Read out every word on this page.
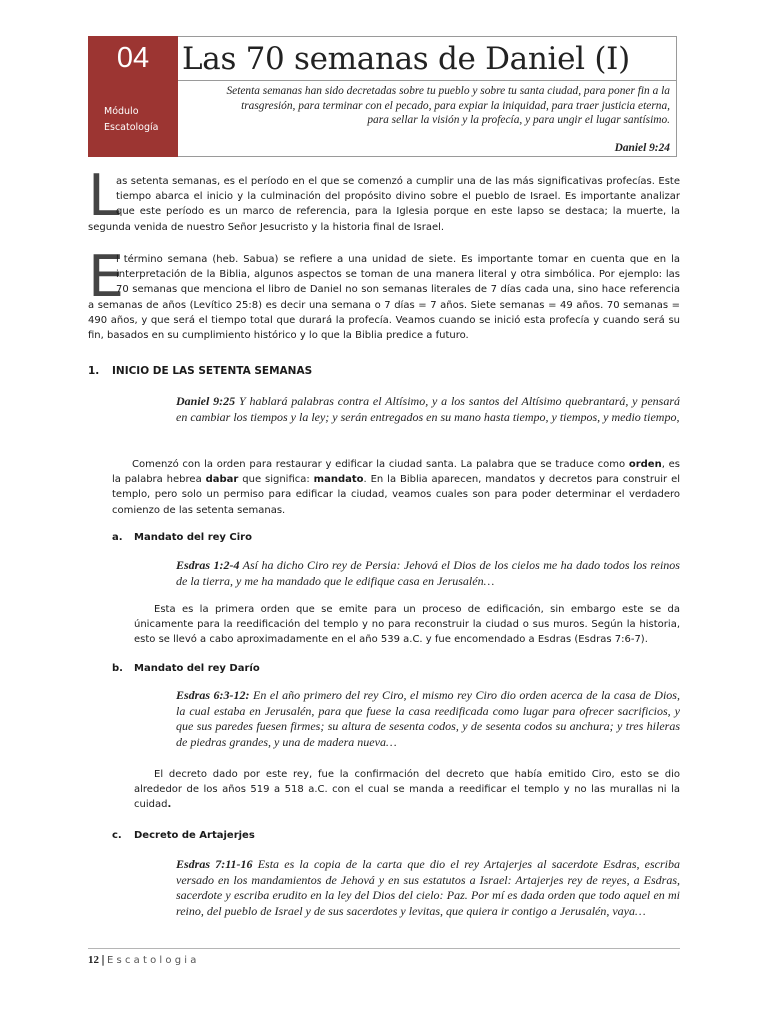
04
Módulo
Escatología
Las 70 semanas de Daniel (I)
Setenta semanas han sido decretadas sobre tu pueblo y sobre tu santa ciudad, para poner fin a la trasgresión, para terminar con el pecado, para expiar la iniquidad, para traer justicia eterna, para sellar la visión y la profecía, y para ungir el lugar santísimo.
Daniel 9:24
L
as setenta semanas, es el período en el que se comenzó a cumplir una de las más significativas profecías. Este tiempo abarca el inicio y la culminación del propósito divino sobre el pueblo de Israel. Es importante analizar que este período es un marco de referencia, para la Iglesia porque en este lapso se destaca; la muerte, la segunda venida de nuestro Señor Jesucristo y la historia final de Israel.
E
l término semana (heb. Sabua) se refiere a una unidad de siete. Es importante tomar en cuenta que en la interpretación de la Biblia, algunos aspectos se toman de una manera literal y otra simbólica. Por ejemplo: las 70 semanas que menciona el libro de Daniel no son semanas literales de 7 días cada una, sino hace referencia a semanas de años (Levítico 25:8) es decir una semana o 7 días = 7 años. Siete semanas = 49 años. 70 semanas = 490 años, y que será el tiempo total que durará la profecía. Veamos cuando se inició esta profecía y cuando será su fin, basados en su cumplimiento histórico y lo que la Biblia predice a futuro.
1. INICIO DE LAS SETENTA SEMANAS
Daniel 9:25 Y hablará palabras contra el Altísimo, y a los santos del Altísimo quebrantará, y pensará en cambiar los tiempos y la ley; y serán entregados en su mano hasta tiempo, y tiempos, y medio tiempo,
Comenzó con la orden para restaurar y edificar la ciudad santa. La palabra que se traduce como orden, es la palabra hebrea dabar que significa: mandato. En la Biblia aparecen, mandatos y decretos para construir el templo, pero solo un permiso para edificar la ciudad, veamos cuales son para poder determinar el verdadero comienzo de las setenta semanas.
a. Mandato del rey Ciro
Esdras 1:2-4 Así ha dicho Ciro rey de Persia: Jehová el Dios de los cielos me ha dado todos los reinos de la tierra, y me ha mandado que le edifique casa en Jerusalén…
Esta es la primera orden que se emite para un proceso de edificación, sin embargo este se da únicamente para la reedificación del templo y no para reconstruir la ciudad o sus muros. Según la historia, esto se llevó a cabo aproximadamente en el año 539 a.C. y fue encomendado a Esdras (Esdras 7:6-7).
b. Mandato del rey Darío
Esdras 6:3-12: En el año primero del rey Ciro, el mismo rey Ciro dio orden acerca de la casa de Dios, la cual estaba en Jerusalén, para que fuese la casa reedificada como lugar para ofrecer sacrificios, y que sus paredes fuesen firmes; su altura de sesenta codos, y de sesenta codos su anchura; y tres hileras de piedras grandes, y una de madera nueva…
El decreto dado por este rey, fue la confirmación del decreto que había emitido Ciro, esto se dio alrededor de los años 519 a 518 a.C. con el cual se manda a reedificar el templo y no las murallas ni la cuidad.
c. Decreto de Artajerjes
Esdras 7:11-16 Esta es la copia de la carta que dio el rey Artajerjes al sacerdote Esdras, escriba versado en los mandamientos de Jehová y en sus estatutos a Israel: Artajerjes rey de reyes, a Esdras, sacerdote y escriba erudito en la ley del Dios del cielo: Paz. Por mí es dada orden que todo aquel en mi reino, del pueblo de Israel y de sus sacerdotes y levitas, que quiera ir contigo a Jerusalén, vaya…
12 | Escatologia
